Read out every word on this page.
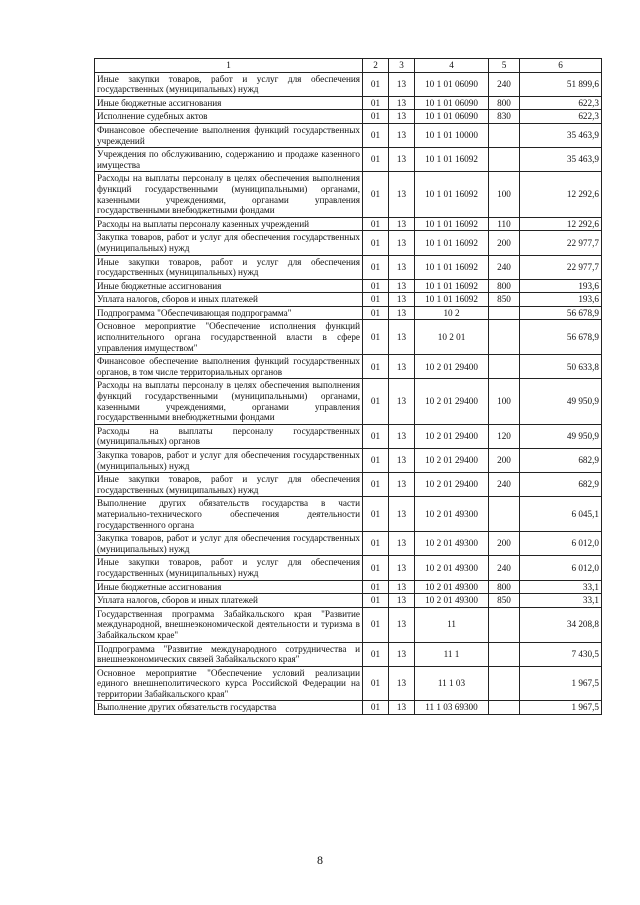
1	2	3	4	5	6
Иные закупки товаров, работ и услуг для обеспечения государственных (муниципальных) нужд	01	13	10 1 01 06090	240	51 899,6
Иные бюджетные ассигнования	01	13	10 1 01 06090	800	622,3
Исполнение судебных актов	01	13	10 1 01 06090	830	622,3
Финансовое обеспечение выполнения функций государственных учреждений	01	13	10 1 01 10000		35 463,9
Учреждения по обслуживанию, содержанию и продаже казенного имущества	01	13	10 1 01 16092		35 463,9
Расходы на выплаты персоналу в целях обеспечения выполнения функций государственными (муниципальными) органами, казенными учреждениями, органами управления государственными внебюджетными фондами	01	13	10 1 01 16092	100	12 292,6
Расходы на выплаты персоналу казенных учреждений	01	13	10 1 01 16092	110	12 292,6
Закупка товаров, работ и услуг для обеспечения государственных (муниципальных) нужд	01	13	10 1 01 16092	200	22 977,7
Иные закупки товаров, работ и услуг для обеспечения государственных (муниципальных) нужд	01	13	10 1 01 16092	240	22 977,7
Иные бюджетные ассигнования	01	13	10 1 01 16092	800	193,6
Уплата налогов, сборов и иных платежей	01	13	10 1 01 16092	850	193,6
Подпрограмма "Обеспечивающая подпрограмма"	01	13	10 2		56 678,9
Основное мероприятие "Обеспечение исполнения функций исполнительного органа государственной власти в сфере управления имуществом"	01	13	10 2 01		56 678,9
Финансовое обеспечение выполнения функций государственных органов, в том числе территориальных органов	01	13	10 2 01 29400		50 633,8
Расходы на выплаты персоналу в целях обеспечения выполнения функций государственными (муниципальными) органами, казенными учреждениями, органами управления государственными внебюджетными фондами	01	13	10 2 01 29400	100	49 950,9
Расходы на выплаты персоналу государственных (муниципальных) органов	01	13	10 2 01 29400	120	49 950,9
Закупка товаров, работ и услуг для обеспечения государственных (муниципальных) нужд	01	13	10 2 01 29400	200	682,9
Иные закупки товаров, работ и услуг для обеспечения государственных (муниципальных) нужд	01	13	10 2 01 29400	240	682,9
Выполнение других обязательств государства в части материально-технического обеспечения деятельности государственного органа	01	13	10 2 01 49300		6 045,1
Закупка товаров, работ и услуг для обеспечения государственных (муниципальных) нужд	01	13	10 2 01 49300	200	6 012,0
Иные закупки товаров, работ и услуг для обеспечения государственных (муниципальных) нужд	01	13	10 2 01 49300	240	6 012,0
Иные бюджетные ассигнования	01	13	10 2 01 49300	800	33,1
Уплата налогов, сборов и иных платежей	01	13	10 2 01 49300	850	33,1
Государственная программа Забайкальского края "Развитие международной, внешнеэкономической деятельности и туризма в Забайкальском крае"	01	13	11		34 208,8
Подпрограмма "Развитие международного сотрудничества и внешнеэкономических связей Забайкальского края"	01	13	11 1		7 430,5
Основное мероприятие "Обеспечение условий реализации единого внешнеполитического курса Российской Федерации на территории Забайкальского края"	01	13	11 1 03		1 967,5
Выполнение других обязательств государства	01	13	11 1 03 69300		1 967,5
8
